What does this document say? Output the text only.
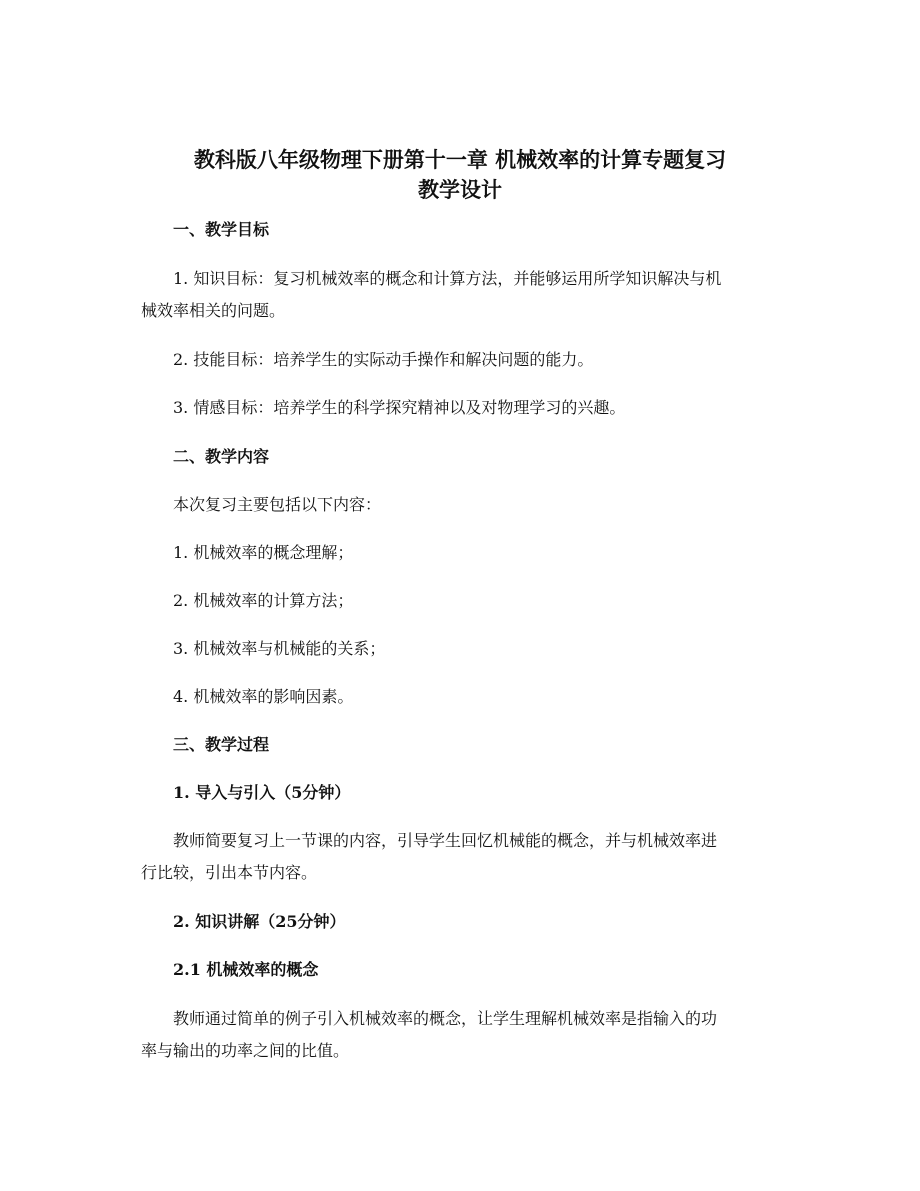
教科版八年级物理下册第十一章 机械效率的计算专题复习
教学设计
一、教学目标
1. 知识目标：复习机械效率的概念和计算方法，并能够运用所学知识解决与机
械效率相关的问题。
2. 技能目标：培养学生的实际动手操作和解决问题的能力。
3. 情感目标：培养学生的科学探究精神以及对物理学习的兴趣。
二、教学内容
本次复习主要包括以下内容：
1. 机械效率的概念理解；
2. 机械效率的计算方法；
3. 机械效率与机械能的关系；
4. 机械效率的影响因素。
三、教学过程
1. 导入与引入（5分钟）
教师简要复习上一节课的内容，引导学生回忆机械能的概念，并与机械效率进
行比较，引出本节内容。
2. 知识讲解（25分钟）
2.1 机械效率的概念
教师通过简单的例子引入机械效率的概念，让学生理解机械效率是指输入的功
率与输出的功率之间的比值。
